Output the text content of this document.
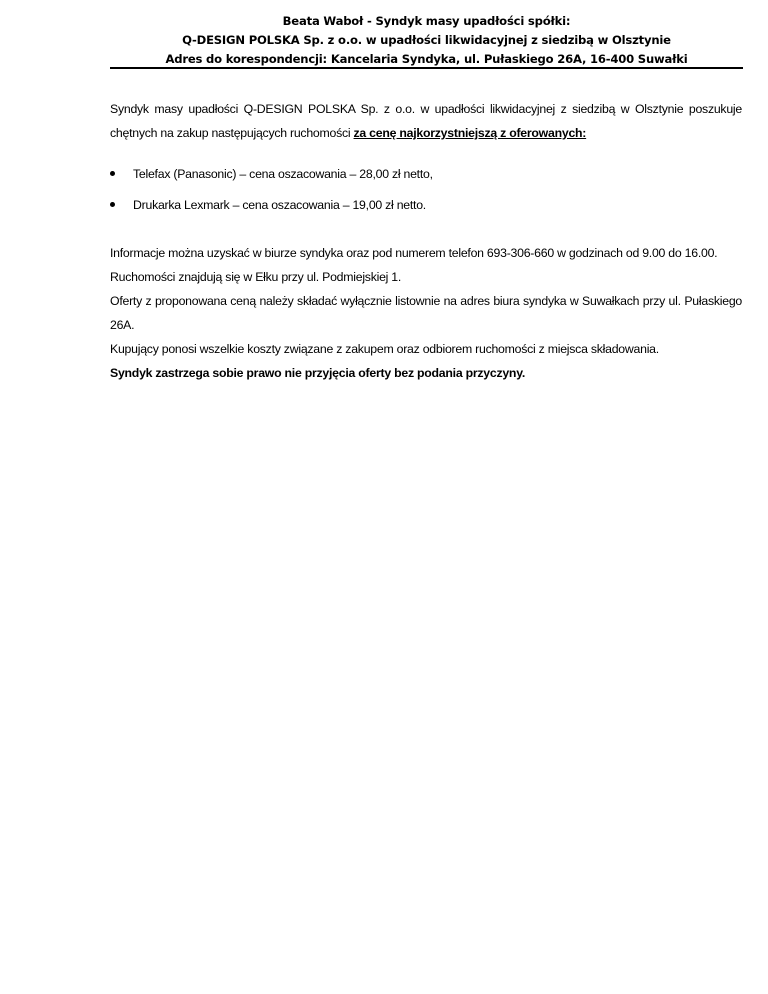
Beata Waboł - Syndyk masy upadłości spółki:
Q-DESIGN POLSKA Sp. z o.o. w upadłości likwidacyjnej z siedzibą w Olsztynie
Adres do korespondencji: Kancelaria Syndyka, ul. Pułaskiego 26A, 16-400 Suwałki

Syndyk masy upadłości Q-DESIGN POLSKA Sp. z o.o. w upadłości likwidacyjnej z siedzibą w Olsztynie poszukuje chętnych na zakup następujących ruchomości za cenę najkorzystniejszą z oferowanych:

Telefax (Panasonic) – cena oszacowania – 28,00 zł netto,
Drukarka Lexmark – cena oszacowania – 19,00 zł netto.

Informacje można uzyskać w biurze syndyka oraz pod numerem telefon 693-306-660 w godzinach od 9.00 do 16.00.

Ruchomości znajdują się w Ełku przy ul. Podmiejskiej 1.

Oferty z proponowana ceną należy składać wyłącznie listownie na adres biura syndyka w Suwałkach przy ul. Pułaskiego 26A.

Kupujący ponosi wszelkie koszty związane z zakupem oraz odbiorem ruchomości z miejsca składowania.

Syndyk zastrzega sobie prawo nie przyjęcia oferty bez podania przyczyny.
